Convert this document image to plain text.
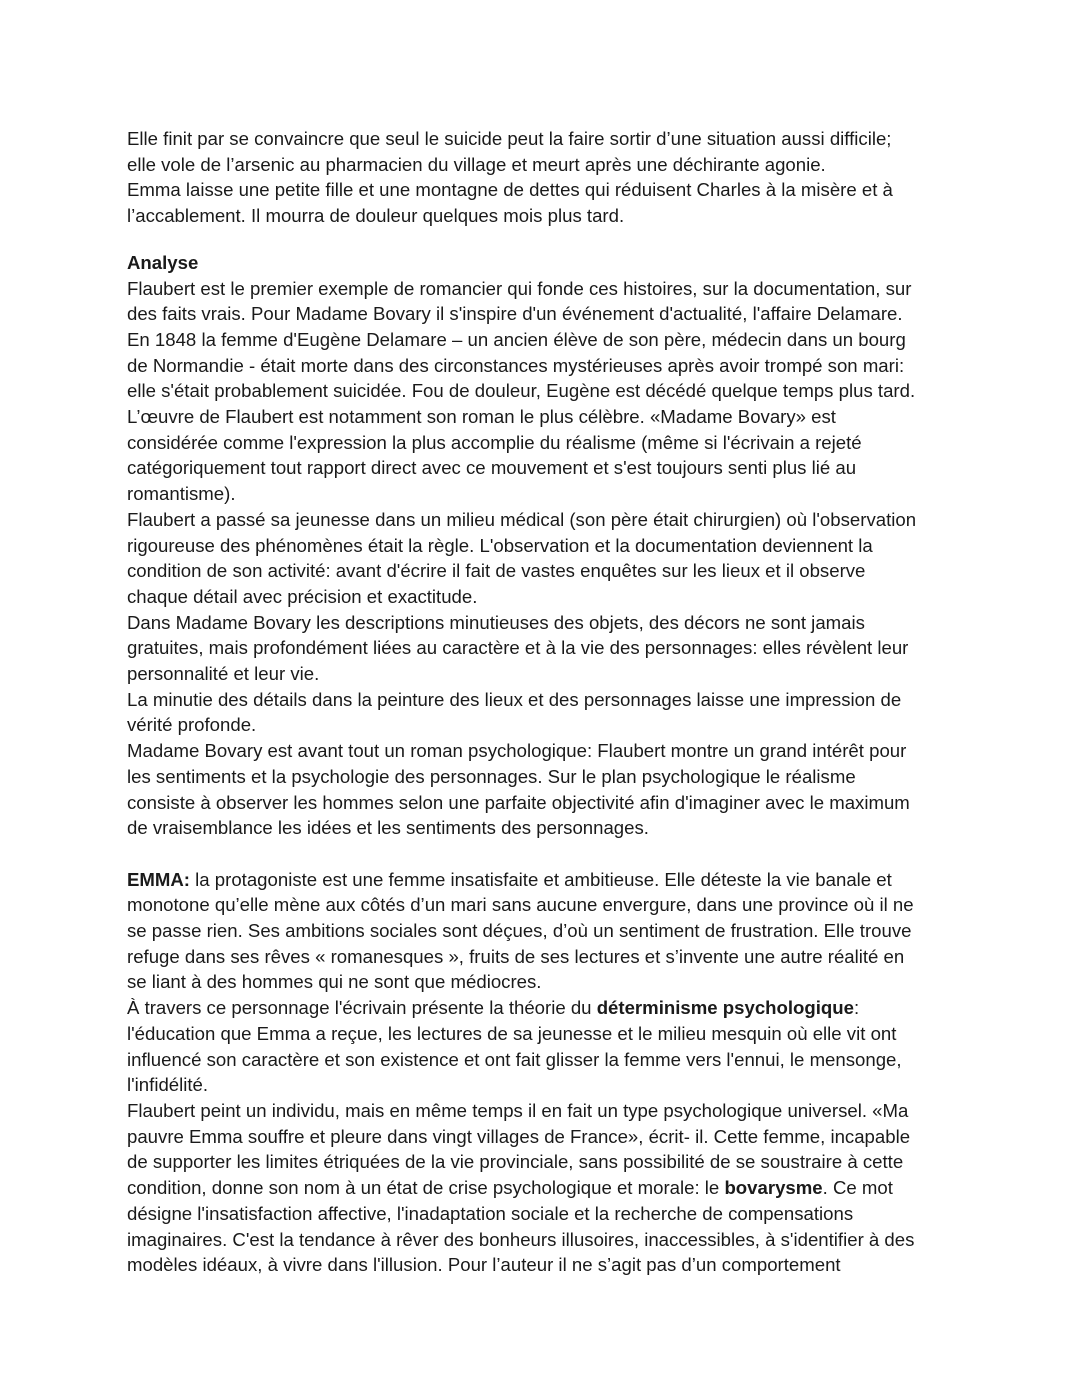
Elle finit par se convaincre que seul le suicide peut la faire sortir d’une situation aussi difficile;
elle vole de l’arsenic au pharmacien du village et meurt après une déchirante agonie.

Emma laisse une petite fille et une montagne de dettes qui réduisent Charles à la misère et à
l’accablement. Il mourra de douleur quelques mois plus tard.

Analyse

Flaubert est le premier exemple de romancier qui fonde ces histoires, sur la documentation, sur
des faits vrais. Pour Madame Bovary il s'inspire d'un événement d'actualité, l'affaire Delamare.
En 1848 la femme d'Eugène Delamare – un ancien élève de son père, médecin dans un bourg
de Normandie - était morte dans des circonstances mystérieuses après avoir trompé son mari:
elle s'était probablement suicidée. Fou de douleur, Eugène est décédé quelque temps plus tard.
L’œuvre de Flaubert est notamment son roman le plus célèbre. «Madame Bovary» est
considérée comme l'expression la plus accomplie du réalisme (même si l'écrivain a rejeté
catégoriquement tout rapport direct avec ce mouvement et s'est toujours senti plus lié au
romantisme).

Flaubert a passé sa jeunesse dans un milieu médical (son père était chirurgien) où l'observation
rigoureuse des phénomènes était la règle. L'observation et la documentation deviennent la
condition de son activité: avant d'écrire il fait de vastes enquêtes sur les lieux et il observe
chaque détail avec précision et exactitude.

Dans Madame Bovary les descriptions minutieuses des objets, des décors ne sont jamais
gratuites, mais profondément liées au caractère et à la vie des personnages: elles révèlent leur
personnalité et leur vie.

La minutie des détails dans la peinture des lieux et des personnages laisse une impression de
vérité profonde.

Madame Bovary est avant tout un roman psychologique: Flaubert montre un grand intérêt pour
les sentiments et la psychologie des personnages. Sur le plan psychologique le réalisme
consiste à observer les hommes selon une parfaite objectivité afin d'imaginer avec le maximum
de vraisemblance les idées et les sentiments des personnages.

EMMA: la protagoniste est une femme insatisfaite et ambitieuse. Elle déteste la vie banale et
monotone qu’elle mène aux côtés d’un mari sans aucune envergure, dans une province où il ne
se passe rien. Ses ambitions sociales sont déçues, d’où un sentiment de frustration. Elle trouve
refuge dans ses rêves « romanesques », fruits de ses lectures et s’invente une autre réalité en
se liant à des hommes qui ne sont que médiocres.

À travers ce personnage l'écrivain présente la théorie du déterminisme psychologique:
l'éducation que Emma a reçue, les lectures de sa jeunesse et le milieu mesquin où elle vit ont
influencé son caractère et son existence et ont fait glisser la femme vers l'ennui, le mensonge,
l'infidélité.

Flaubert peint un individu, mais en même temps il en fait un type psychologique universel. «Ma
pauvre Emma souffre et pleure dans vingt villages de France», écrit- il. Cette femme, incapable
de supporter les limites étriquées de la vie provinciale, sans possibilité de se soustraire à cette
condition, donne son nom à un état de crise psychologique et morale: le bovarysme. Ce mot
désigne l'insatisfaction affective, l'inadaptation sociale et la recherche de compensations
imaginaires. C'est la tendance à rêver des bonheurs illusoires, inaccessibles, à s'identifier à des
modèles idéaux, à vivre dans l'illusion. Pour l’auteur il ne s’agit pas d’un comportement
